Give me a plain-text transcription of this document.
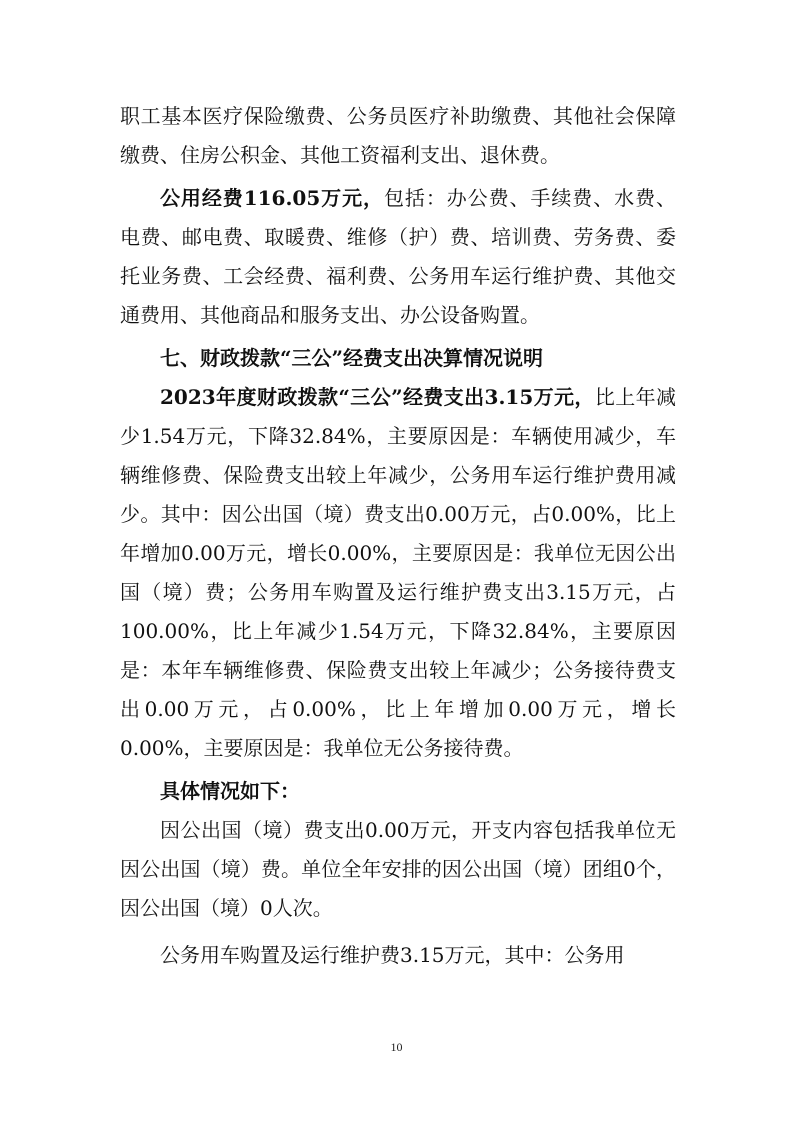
职工基本医疗保险缴费、公务员医疗补助缴费、其他社会保障缴费、住房公积金、其他工资福利支出、退休费。

公用经费116.05万元，包括：办公费、手续费、水费、电费、邮电费、取暖费、维修（护）费、培训费、劳务费、委托业务费、工会经费、福利费、公务用车运行维护费、其他交通费用、其他商品和服务支出、办公设备购置。

七、财政拨款“三公”经费支出决算情况说明

2023年度财政拨款“三公”经费支出3.15万元，比上年减少1.54万元，下降32.84%，主要原因是：车辆使用减少，车辆维修费、保险费支出较上年减少，公务用车运行维护费用减少。其中：因公出国（境）费支出0.00万元，占0.00%，比上年增加0.00万元，增长0.00%，主要原因是：我单位无因公出国（境）费；公务用车购置及运行维护费支出3.15万元，占100.00%，比上年减少1.54万元，下降32.84%，主要原因是：本年车辆维修费、保险费支出较上年减少；公务接待费支出0.00万元，占0.00%，比上年增加0.00万元，增长0.00%，主要原因是：我单位无公务接待费。

具体情况如下：

因公出国（境）费支出0.00万元，开支内容包括我单位无因公出国（境）费。单位全年安排的因公出国（境）团组0个，因公出国（境）0人次。

公务用车购置及运行维护费3.15万元，其中：公务用

10
